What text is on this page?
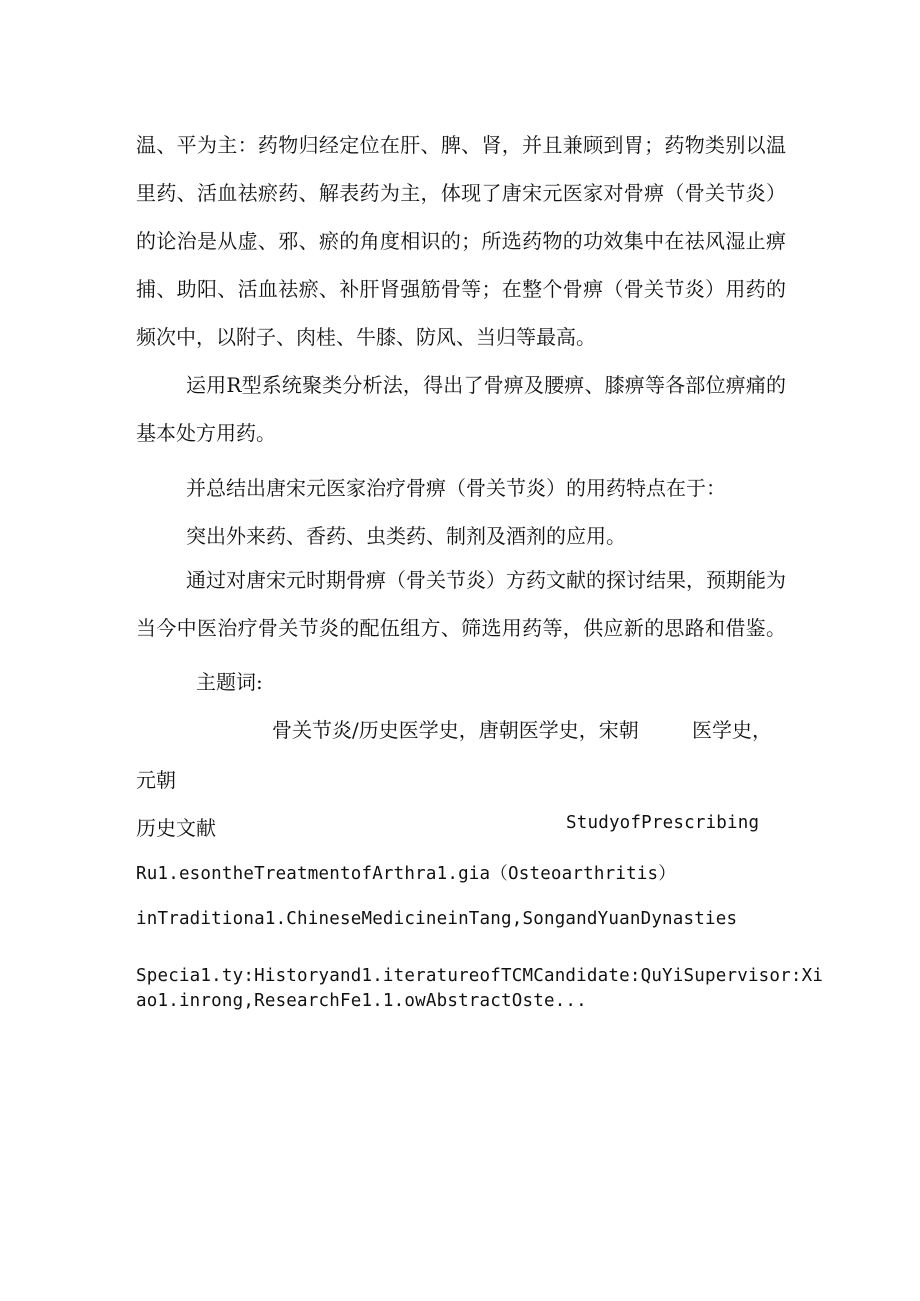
温、平为主：药物归经定位在肝、脾、肾，并且兼顾到胃；药物类别以温
里药、活血祛瘀药、解表药为主，体现了唐宋元医家对骨痹（骨关节炎）
的论治是从虚、邪、瘀的角度相识的；所选药物的功效集中在祛风湿止痹
捕、助阳、活血祛瘀、补肝肾强筋骨等；在整个骨痹（骨关节炎）用药的
频次中，以附子、肉桂、牛膝、防风、当归等最高。
运用R型系统聚类分析法，得出了骨痹及腰痹、膝痹等各部位痹痛的
基本处方用药。
并总结出唐宋元医家治疗骨痹（骨关节炎）的用药特点在于：
突出外来药、香药、虫类药、制剂及酒剂的应用。
通过对唐宋元时期骨痹（骨关节炎）方药文献的探讨结果，预期能为
当今中医治疗骨关节炎的配伍组方、筛选用药等，供应新的思路和借鉴。
主题词:
骨关节炎/历史医学史，唐朝医学史，宋朝	医学史，
元朝
历史文献	StudyofPrescribing
Ru1.esontheTreatmentofArthra1.gia（Osteoarthritis）
inTraditiona1.ChineseMedicineinTang,SongandYuanDynasties
Specia1.ty:Historyand1.iteratureofTCMCandidate:QuYiSupervisor:Xi
ao1.inrong,ResearchFe1.1.owAbstractOste...
